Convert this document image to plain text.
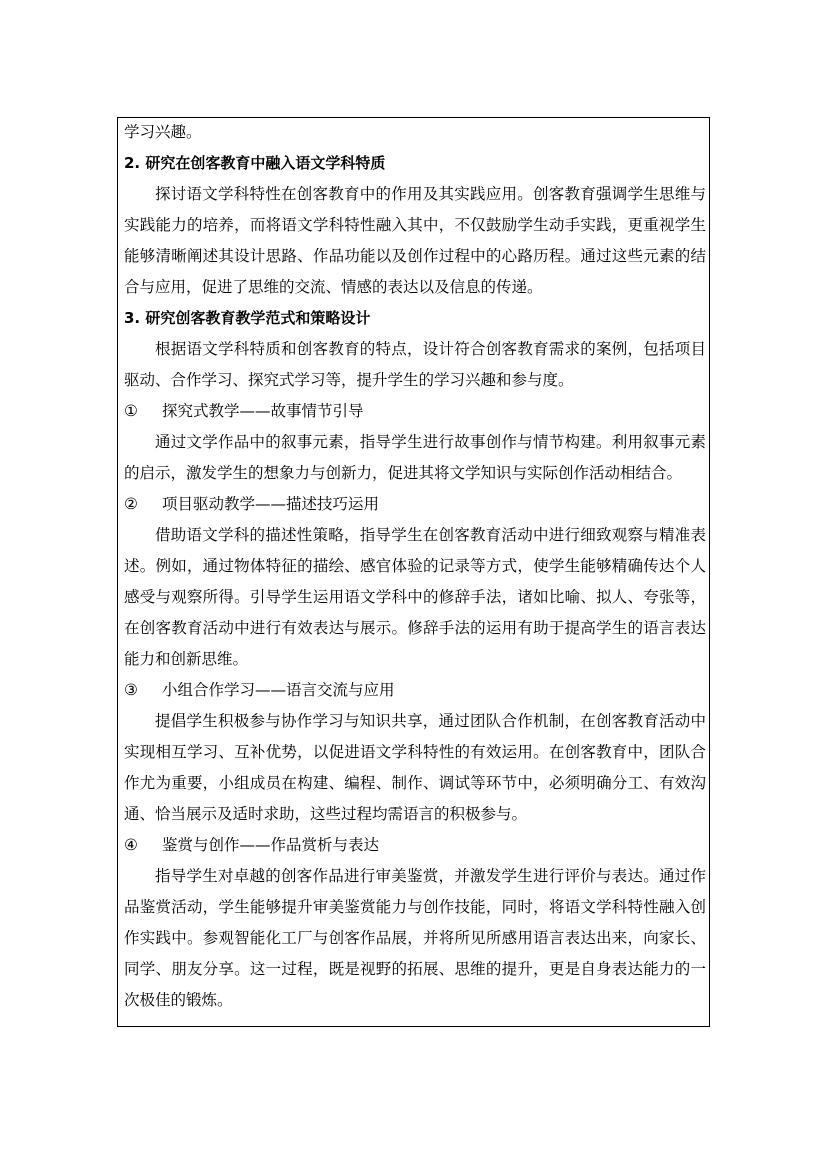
学习兴趣。

2. 研究在创客教育中融入语文学科特质

探讨语文学科特性在创客教育中的作用及其实践应用。创客教育强调学生思维与实践能力的培养，而将语文学科特性融入其中，不仅鼓励学生动手实践，更重视学生能够清晰阐述其设计思路、作品功能以及创作过程中的心路历程。通过这些元素的结合与应用，促进了思维的交流、情感的表达以及信息的传递。

3. 研究创客教育教学范式和策略设计

根据语文学科特质和创客教育的特点，设计符合创客教育需求的案例，包括项目驱动、合作学习、探究式学习等，提升学生的学习兴趣和参与度。

① 探究式教学——故事情节引导

通过文学作品中的叙事元素，指导学生进行故事创作与情节构建。利用叙事元素的启示，激发学生的想象力与创新力，促进其将文学知识与实际创作活动相结合。

② 项目驱动教学——描述技巧运用

借助语文学科的描述性策略，指导学生在创客教育活动中进行细致观察与精准表述。例如，通过物体特征的描绘、感官体验的记录等方式，使学生能够精确传达个人感受与观察所得。引导学生运用语文学科中的修辞手法，诸如比喻、拟人、夸张等，在创客教育活动中进行有效表达与展示。修辞手法的运用有助于提高学生的语言表达能力和创新思维。

③ 小组合作学习——语言交流与应用

提倡学生积极参与协作学习与知识共享，通过团队合作机制，在创客教育活动中实现相互学习、互补优势，以促进语文学科特性的有效运用。在创客教育中，团队合作尤为重要，小组成员在构建、编程、制作、调试等环节中，必须明确分工、有效沟通、恰当展示及适时求助，这些过程均需语言的积极参与。

④ 鉴赏与创作——作品赏析与表达

指导学生对卓越的创客作品进行审美鉴赏，并激发学生进行评价与表达。通过作品鉴赏活动，学生能够提升审美鉴赏能力与创作技能，同时，将语文学科特性融入创作实践中。参观智能化工厂与创客作品展，并将所见所感用语言表达出来，向家长、同学、朋友分享。这一过程，既是视野的拓展、思维的提升，更是自身表达能力的一次极佳的锻炼。
